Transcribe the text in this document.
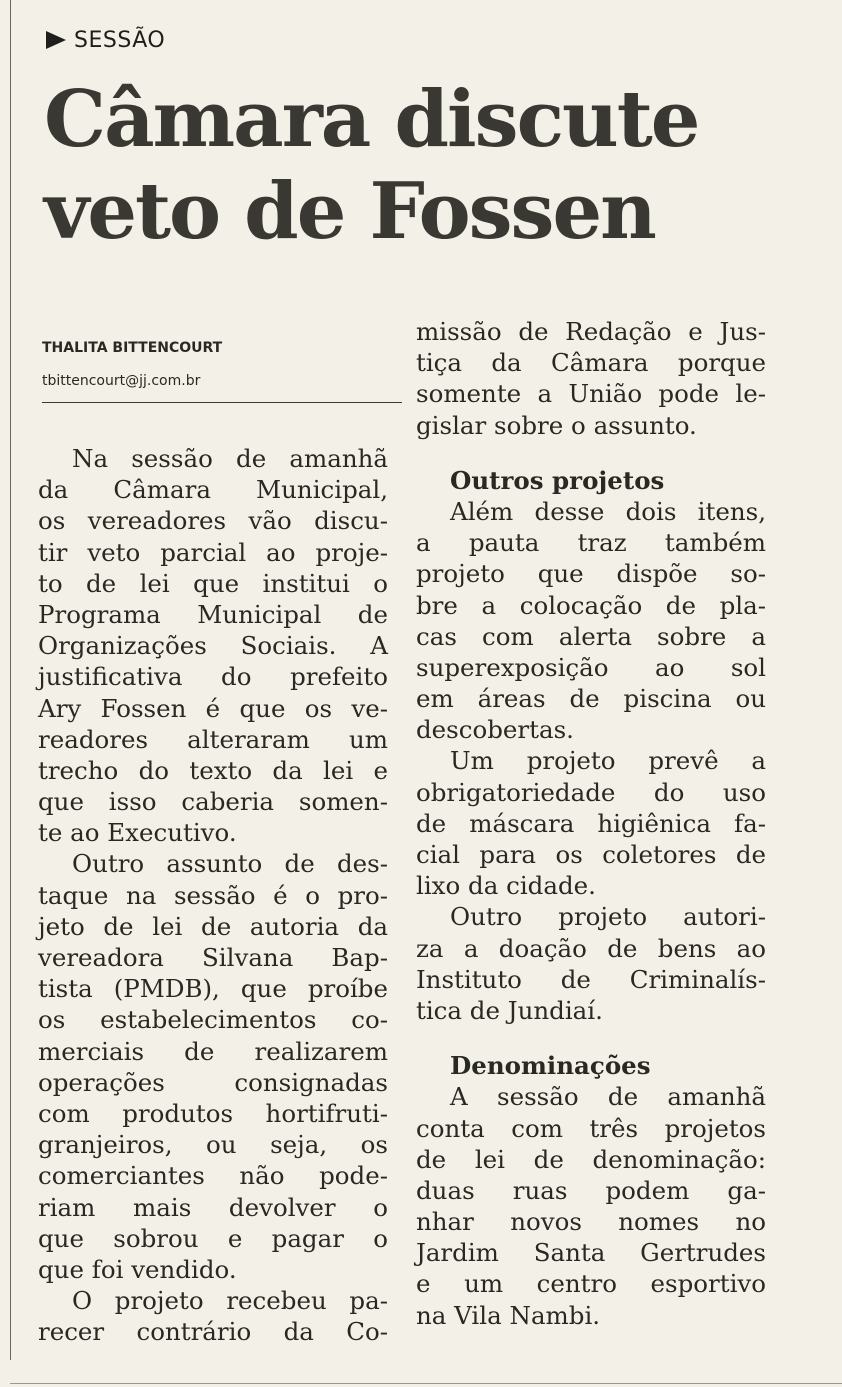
SESSÃO
Câmara discute
veto de Fossen
THALITA BITTENCOURT
tbittencourt@jj.com.br
Na sessão de amanhã
da Câmara Municipal,
os vereadores vão discu-
tir veto parcial ao proje-
to de lei que institui o
Programa Municipal de
Organizações Sociais. A
justificativa do prefeito
Ary Fossen é que os ve-
readores alteraram um
trecho do texto da lei e
que isso caberia somen-
te ao Executivo.
Outro assunto de des-
taque na sessão é o pro-
jeto de lei de autoria da
vereadora Silvana Bap-
tista (PMDB), que proíbe
os estabelecimentos co-
merciais de realizarem
operações consignadas
com produtos hortifruti-
granjeiros, ou seja, os
comerciantes não pode-
riam mais devolver o
que sobrou e pagar o
que foi vendido.
O projeto recebeu pa-
recer contrário da Co-
missão de Redação e Jus-
tiça da Câmara porque
somente a União pode le-
gislar sobre o assunto.
Outros projetos
Além desse dois itens,
a pauta traz também
projeto que dispõe so-
bre a colocação de pla-
cas com alerta sobre a
superexposição ao sol
em áreas de piscina ou
descobertas.
Um projeto prevê a
obrigatoriedade do uso
de máscara higiênica fa-
cial para os coletores de
lixo da cidade.
Outro projeto autori-
za a doação de bens ao
Instituto de Criminalís-
tica de Jundiaí.
Denominações
A sessão de amanhã
conta com três projetos
de lei de denominação:
duas ruas podem ga-
nhar novos nomes no
Jardim Santa Gertrudes
e um centro esportivo
na Vila Nambi.
